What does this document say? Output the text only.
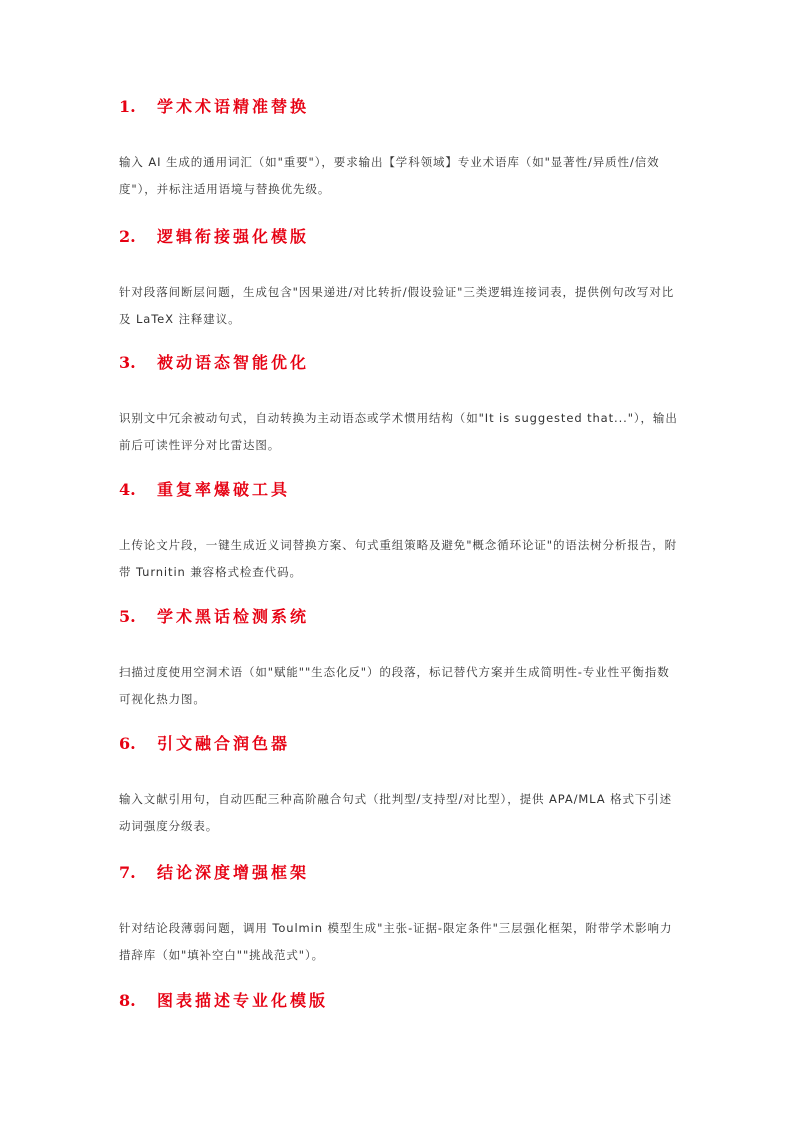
1.	学术术语精准替换
输入 AI 生成的通用词汇（如"重要"），要求输出【学科领域】专业术语库（如"显著性/异质性/信效度"），并标注适用语境与替换优先级。
2.	逻辑衔接强化模版
针对段落间断层问题，生成包含"因果递进/对比转折/假设验证"三类逻辑连接词表，提供例句改写对比及 LaTeX 注释建议。
3.	被动语态智能优化
识别文中冗余被动句式，自动转换为主动语态或学术惯用结构（如"It is suggested that..."），输出前后可读性评分对比雷达图。
4.	重复率爆破工具
上传论文片段，一键生成近义词替换方案、句式重组策略及避免"概念循环论证"的语法树分析报告，附带 Turnitin 兼容格式检查代码。
5.	学术黑话检测系统
扫描过度使用空洞术语（如"赋能""生态化反"）的段落，标记替代方案并生成简明性-专业性平衡指数可视化热力图。
6.	引文融合润色器
输入文献引用句，自动匹配三种高阶融合句式（批判型/支持型/对比型），提供 APA/MLA 格式下引述动词强度分级表。
7.	结论深度增强框架
针对结论段薄弱问题，调用 Toulmin 模型生成"主张-证据-限定条件"三层强化框架，附带学术影响力措辞库（如"填补空白""挑战范式"）。
8.	图表描述专业化模版
